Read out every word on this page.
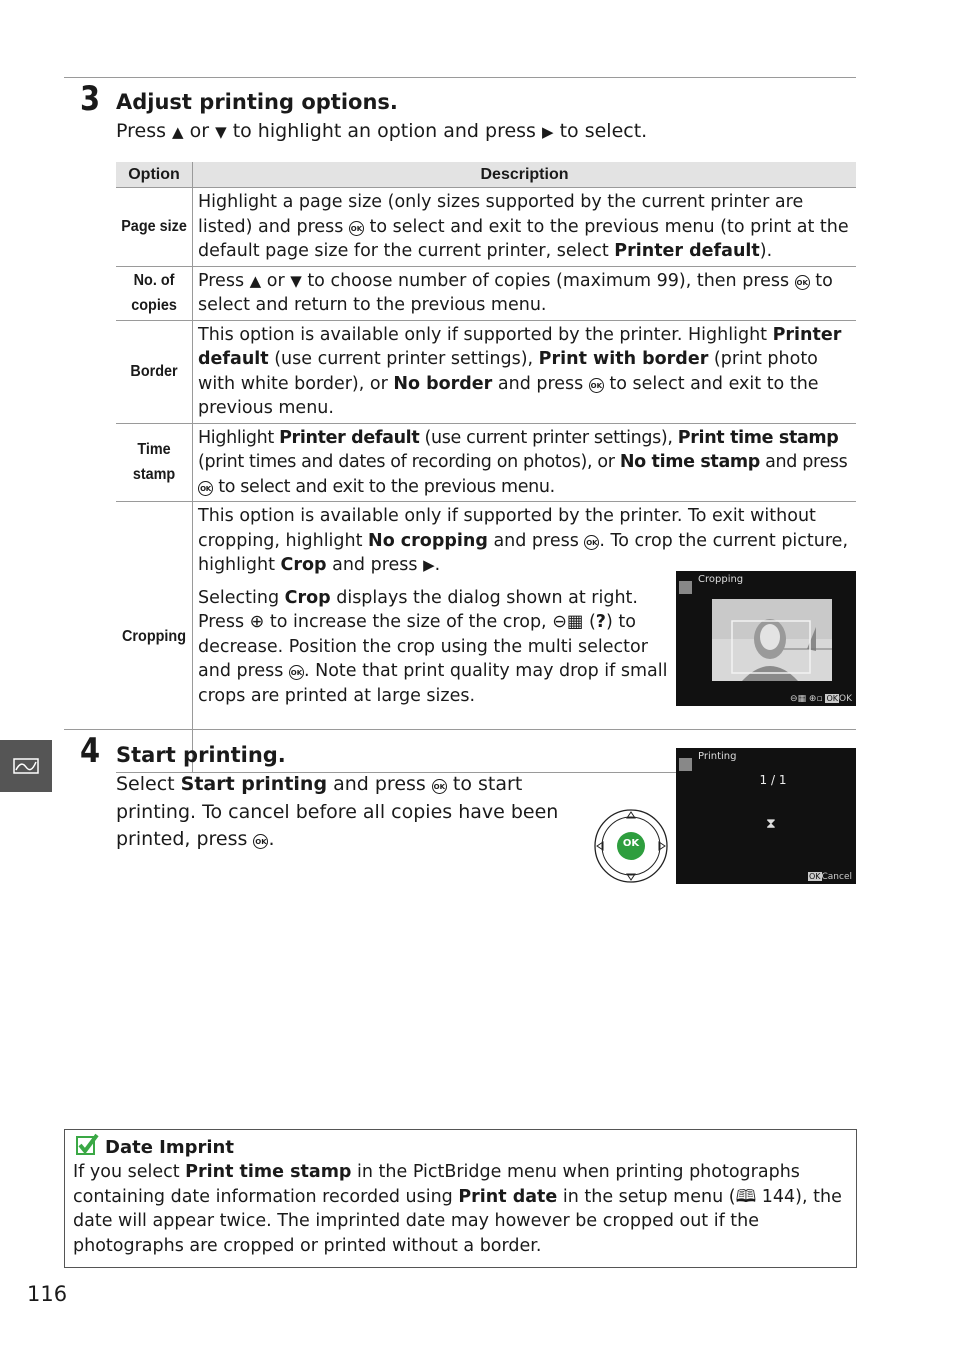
3 Adjust printing options.
Press ▲ or ▼ to highlight an option and press ▶ to select.
Option	Description
Page size	Highlight a page size (only sizes supported by the current printer are listed) and press OK to select and exit to the previous menu (to print at the default page size for the current printer, select Printer default).

No. of
copies	Press ▲ or ▼ to choose number of copies (maximum 99), then press OK to select and return to the previous menu.
Border	This option is available only if supported by the printer. Highlight Printer default (use current printer settings), Print with border (print photo with white border), or No border and press OK to select and exit to the previous menu.

Time
stamp	Highlight Printer default (use current printer settings), Print time stamp (print times and dates of recording on photos), or No time stamp and press OK to select and exit to the previous menu.
Cropping	This option is available only if supported by the printer. To exit without cropping, highlight No cropping and press OK . To crop the current picture, highlight Crop and press ▶.
Selecting Crop displays the dialog shown at right. Press ⊕ to increase the size of the crop, ⊖▦ (?) to decrease. Position the crop using the multi selector and press OK . Note that print quality may drop if small crops are printed at large sizes.
Cropping
⊖▦ ⊕▫ OKOK
4 Start printing.
Select Start printing and press OK to start
printing. To cancel before all copies have been
printed, press OK.	OK
Printing
1 / 1
⧗
OKCancel
Date Imprint
If you select Print time stamp in the PictBridge menu when printing photographs containing date information recorded using Print date in the setup menu (🕮 144), the date will appear twice. The imprinted date may however be cropped out if the photographs are cropped or printed without a border.
116
